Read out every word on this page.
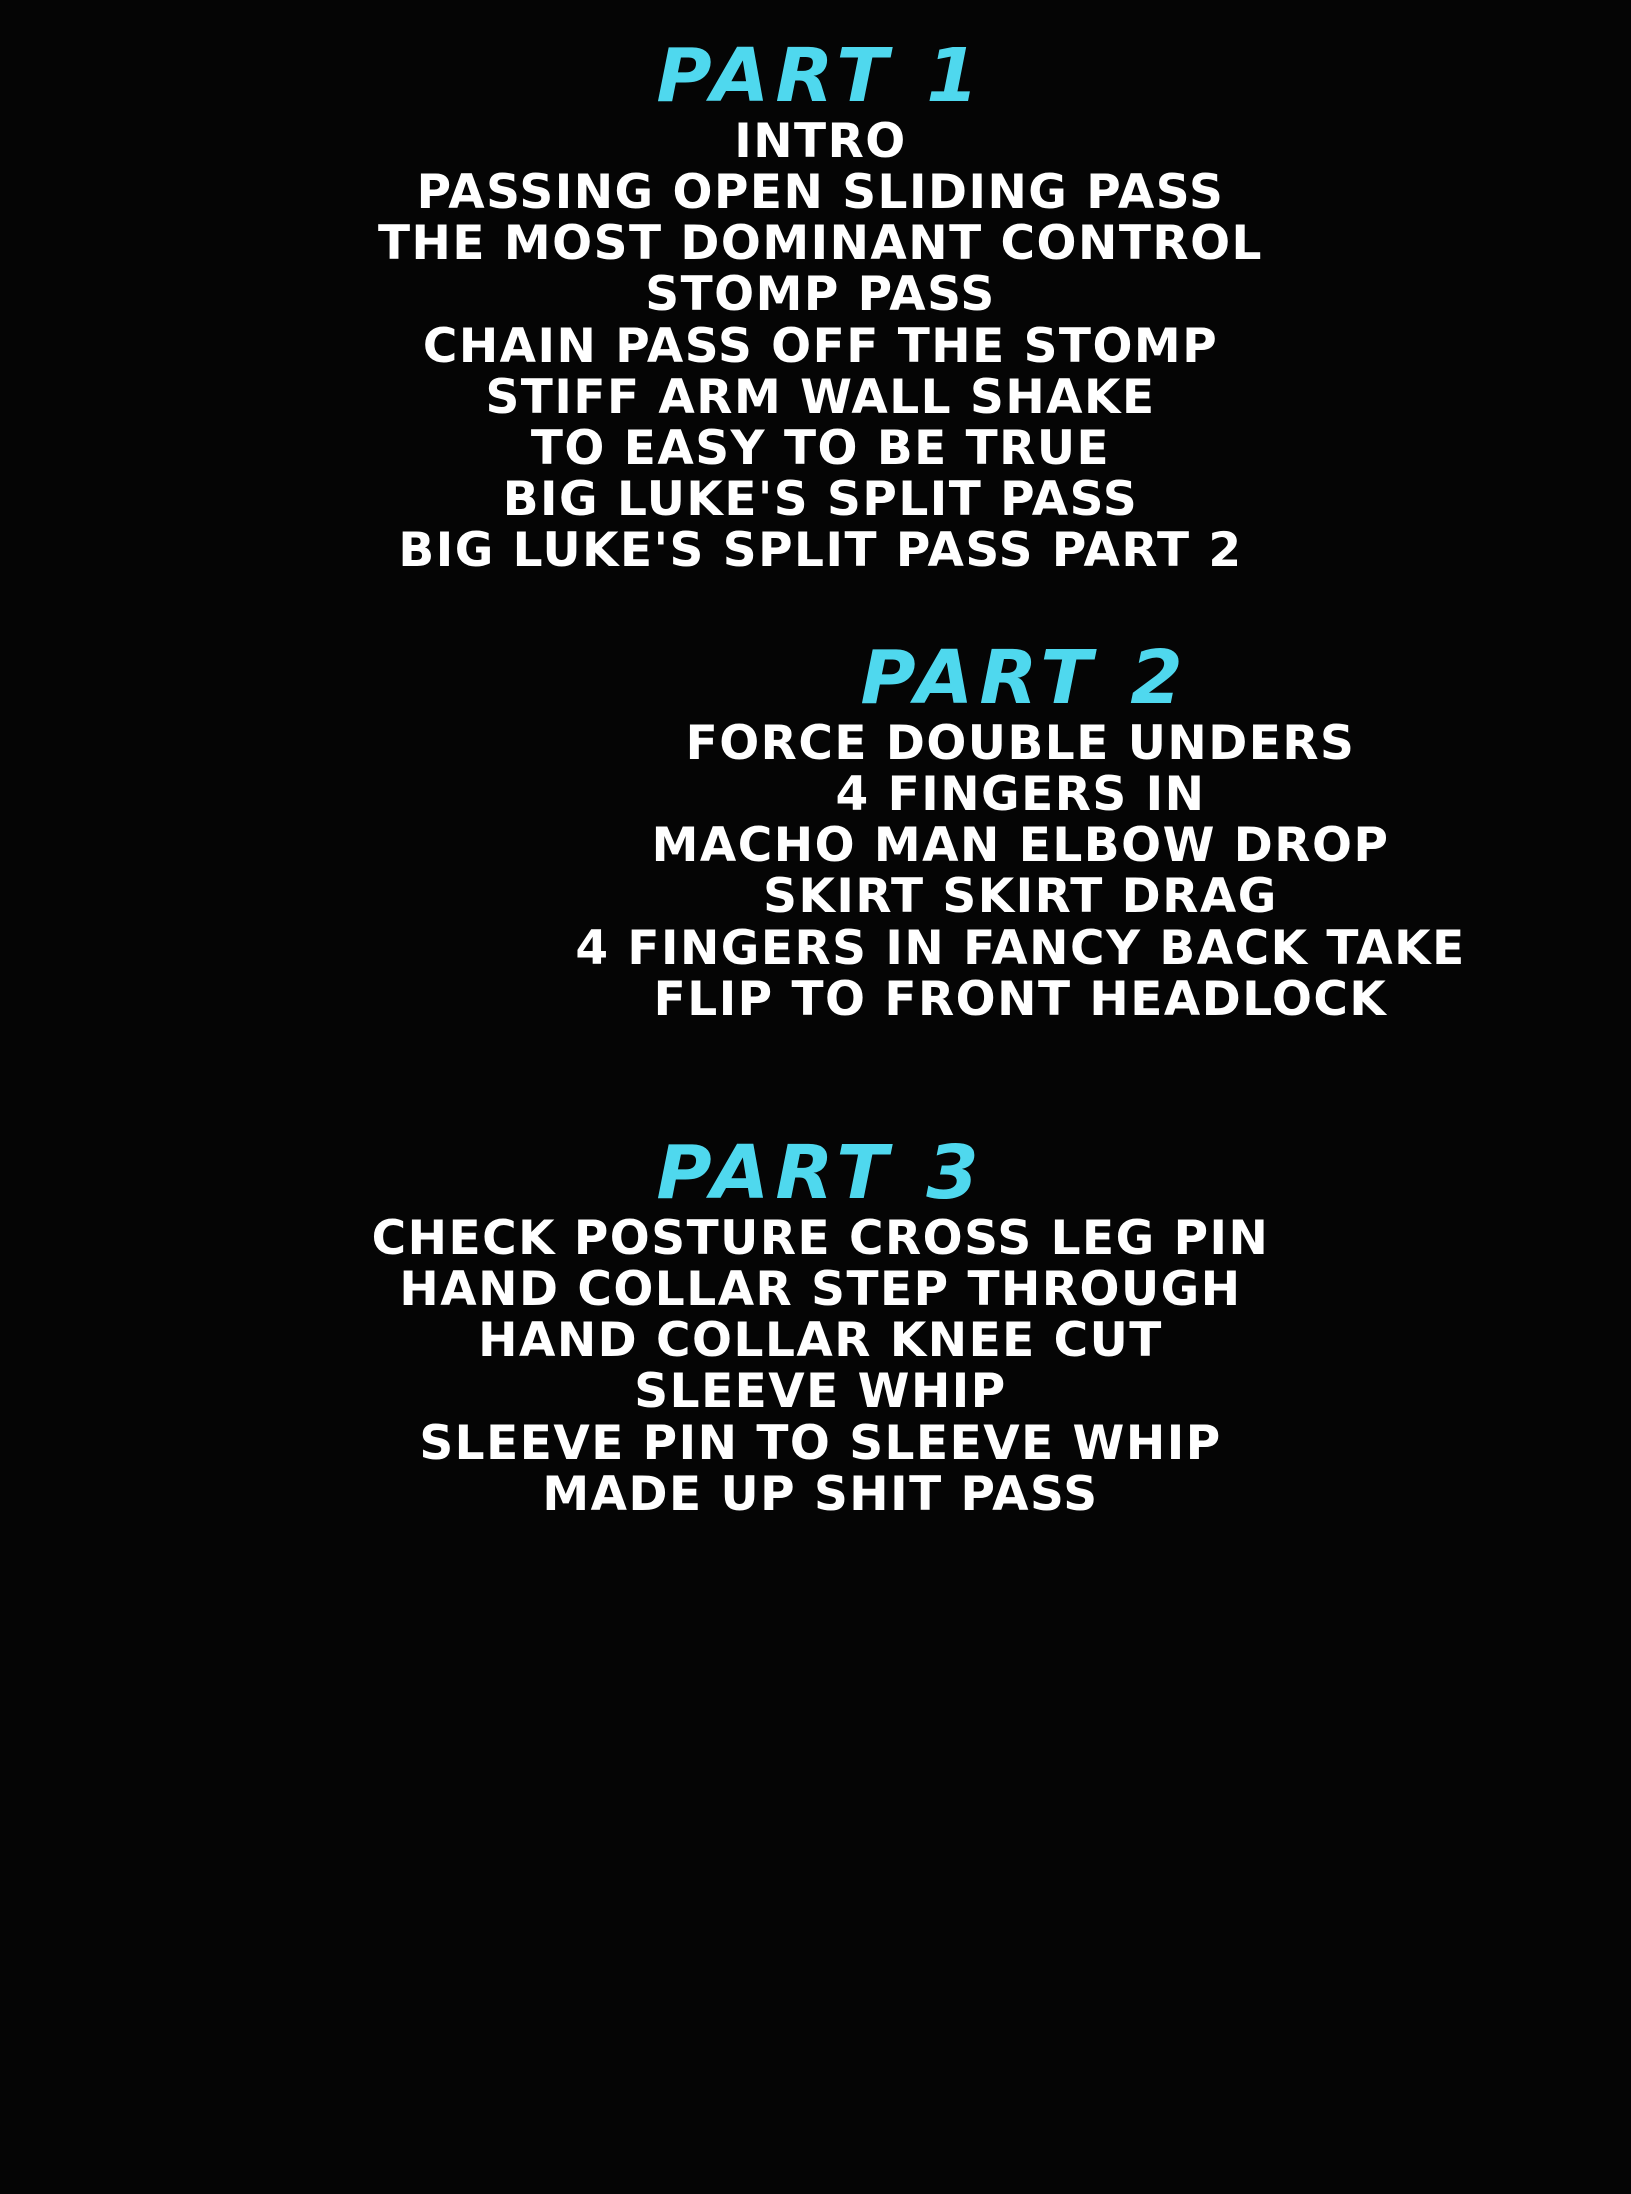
PART 1
INTRO
PASSING OPEN SLIDING PASS
THE MOST DOMINANT CONTROL
STOMP PASS
CHAIN PASS OFF THE STOMP
STIFF ARM WALL SHAKE
TO EASY TO BE TRUE
BIG LUKE'S SPLIT PASS
BIG LUKE'S SPLIT PASS PART 2
PART 2
FORCE DOUBLE UNDERS
4 FINGERS IN
MACHO MAN ELBOW DROP
SKIRT SKIRT DRAG
4 FINGERS IN FANCY BACK TAKE
FLIP TO FRONT HEADLOCK
PART 3
CHECK POSTURE CROSS LEG PIN
HAND COLLAR STEP THROUGH
HAND COLLAR KNEE CUT
SLEEVE WHIP
SLEEVE PIN TO SLEEVE WHIP
MADE UP SHIT PASS
